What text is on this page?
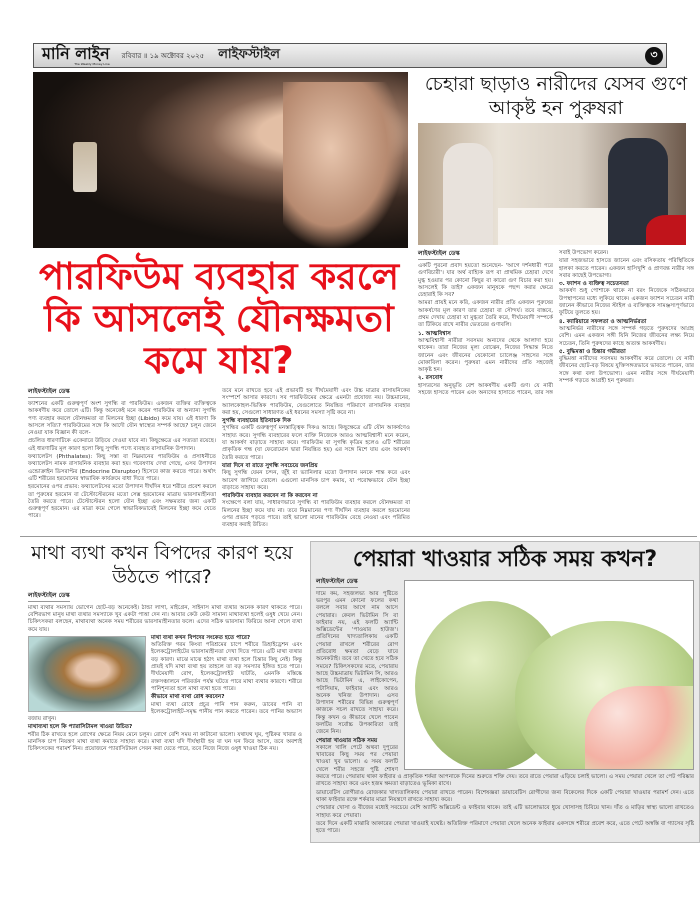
মানি লাইন
The Weekly Money Line
রবিবার ॥ ১৯ অক্টোবর ২০২৫ লাইফস্টাইল	৩
পারফিউম ব্যবহার করলে কি আসলেই যৌনক্ষমতা কমে যায়?
লাইফস্টাইল ডেস্ক

ফ্যাশনের একটি গুরুত্বপূর্ণ অংশ সুগন্ধি বা পারফিউম। একজন ব্যক্তির ব্যক্তিত্বকে আকর্ষণীয় করে তোলে এটি। কিন্তু অনেকেই মনে করেন পারফিউম বা অন্যান্য সুগন্ধি পণ্য ব্যবহার করলে যৌনক্ষমতা বা মিলনের ইচ্ছা (Libido) কমে যায়। এই ধারণা কি আসলে সত্যি? পারফিউমের সঙ্গে কি আদৌ যৌন স্বাস্থ্যের সম্পর্ক আছে? চলুন জেনে নেওয়া যাক বিজ্ঞান কী বলে-

প্রচলিত ধারণাটিকে একেবারে উড়িয়ে দেওয়া যাবে না। কিছুক্ষেত্রে এর সত্যতা রয়েছে। এই ধারণাটির মূল কারণ হলো কিছু সুগন্ধি পণ্যে ব্যবহৃত রাসায়নিক উপাদান।

ফথ্যালেটস (Phthalates): কিছু সস্তা বা নিম্নমানের পারফিউম ও প্রসাধনীতে ফথ্যালেটস নামক রাসায়নিক ব্যবহার করা হয়। গবেষণায় দেখা গেছে, এসব উপাদান এন্ডোক্রাইন ডিসরাপ্টর (Endocrine Disruptor) হিসেবে কাজ করতে পারে। অর্থাৎ এটি শরীরের হরমোনের স্বাভাবিক কার্যক্রমে বাধা দিতে পারে।

হরমোনের ওপর প্রভাব: ফথ্যালেটসের মতো উপাদান দীর্ঘদিন ধরে শরীরে প্রবেশ করলে তা পুরুষের হরমোন বা টেস্টোস্টেরনের মতো সেক্স হরমোনের মাত্রায় ভারসাম্যহীনতা তৈরি করতে পারে। টেস্টোস্টেরন হলো যৌন ইচ্ছা এবং সক্ষমতার জন্য একটি গুরুত্বপূর্ণ হরমোন। এর মাত্রা কমে গেলে স্বাভাবিকভাবেই মিলনের ইচ্ছা কমে যেতে পারে।

তবে মনে রাখতে হবে এই প্রভাবটি হয় দীর্ঘমেয়াদী এবং উচ্চ মাত্রার রাসায়নিকের সংস্পর্শে আসার কারণে। সব পারফিউমের ক্ষেত্রে এমনটা প্রযোজ্য নয়। উচ্চমানের, অ্যালকোহল-ভিত্তিক পারফিউম, যেগুলোতে নিয়ন্ত্রিত পরিমাণে রাসায়নিক ব্যবহার করা হয়, সেগুলো সাধারণত এই ধরনের সমস্যা সৃষ্টি করে না।

সুগন্ধি ব্যবহারের ইতিবাচক দিক

সুগন্ধির একটি গুরুত্বপূর্ণ মনস্তাত্ত্বিক দিকও আছে। কিছুক্ষেত্রে এটি যৌন আকর্ষণেও সাহায্য করে। সুগন্ধি ব্যবহারের ফলে ব্যক্তি নিজেকে আরও আত্মবিশ্বাসী মনে করেন, যা আকর্ষণ বাড়াতে সাহায্য করে। পারফিউম বা সুগন্ধি কৃত্রিম হলেও এটি শরীরের প্রাকৃতিক গন্ধ (যা ফেরোমোন দ্বারা নিয়ন্ত্রিত হয়) এর সঙ্গে মিশে যায় এবং আকর্ষণ তৈরি করতে পারে।

যারা দিনে বা রাতে সুগন্ধি সবচেয়ে জনপ্রিয়

কিছু সুগন্ধি যেমন চন্দন, জুঁই বা ভ্যানিলার মতো উপাদান মনকে শান্ত করে এবং আবেগ জাগিয়ে তোলে। এগুলো মানসিক চাপ কমায়, যা পরোক্ষভাবে যৌন ইচ্ছা বাড়াতে সাহায্য করে।

পারফিউম ব্যবহার করবেন না কি করবেন না

সংক্ষেপে বলা যায়, সাধারণভাবে সুগন্ধি বা পারফিউম ব্যবহার করলে যৌনক্ষমতা বা মিলনের ইচ্ছা কমে যায় না। তবে নিম্নমানের পণ্য দীর্ঘদিন ব্যবহার করলে হরমোনের ওপর প্রভাব পড়তে পারে। তাই ভালো মানের পারফিউম বেছে নেওয়া এবং পরিমিত ব্যবহার করাই উচিত।

চেহারা ছাড়াও নারীদের যেসব গুণে আকৃষ্ট হন পুরুষরা
লাইফস্টাইল ডেস্ক

একটি পুরনো প্রবাদ হয়তো শুনেছেন- 'আগে দর্শনধারী পরে গুণবিচারী'। যার অর্থ বাহ্যিক রূপ বা প্রাথমিক চেহারা দেখে মুগ্ধ হওয়ার পর কোনো কিছুর বা কারো গুণ বিচার করা হয়। আসলেই কি তাই? একজন মানুষকে পছন্দ করার ক্ষেত্রে চেহারাই কি সব?

আমরা প্রায়ই মনে করি, একজন নারীর প্রতি একজন পুরুষের আকর্ষণের মূল কারণ তার চেহারা বা সৌন্দর্য। তবে বাস্তবে, প্রথম দেখায় চেহারা যা মুগ্ধতা তৈরি করে, দীর্ঘমেয়াদী সম্পর্কে তা টিকিয়ে রাখে নারীর ভেতরের গুণাবলি।

১. আত্মবিশ্বাস

আত্মবিশ্বাসী নারীরা সবসময় অন্যদের থেকে আলাদা হয়ে থাকেন। তারা নিজের মূল্য বোঝেন, নিজের সিদ্ধান্ত নিতে জানেন এবং জীবনের যেকোনো চ্যালেঞ্জ সাহসের সঙ্গে মোকাবিলা করেন। পুরুষরা এমন নারীদের প্রতি সহজেই আকৃষ্ট হন।

২. রসবোধ

হাস্যরসের অনুভূতি বেশ আকর্ষণীয় একটি গুণ। যে নারী সহজে হাসতে পারেন এবং অন্যদের হাসাতে পারেন, তার সঙ্গ সবাই উপভোগ করেন।

যারা সহজভাবে হাসতে জানেন এবং রসিকতায় পরিস্থিতিকে হালকা করতে পারেন। একজন হাসিখুশি ও প্রাণবন্ত নারীর সঙ্গ সবার কাছেই উপভোগ্য।

৩. ফ্যাশন ও ব্যক্তিত্ব সচেতনতা

আকর্ষণ শুধু পোশাকে থাকে না বরং নিজেকে সঠিকভাবে উপস্থাপনের মধ্যে লুকিয়ে থাকে। একজন ফ্যাশন সচেতন নারী জানেন কীভাবে নিজের স্টাইল ও ব্যক্তিত্বকে সামঞ্জস্যপূর্ণভাবে ফুটিয়ে তুলতে হয়।

৪. ক্যারিয়ারে সফলতা ও আত্মনির্ভরতা

আত্মনির্ভর নারীদের সঙ্গে সম্পর্ক গড়তে পুরুষদের আগ্রহ বেশি। এমন একজন সঙ্গী যিনি নিজের জীবনের লক্ষ্য নিয়ে সচেতন, তিনি পুরুষদের কাছে অত্যন্ত আকর্ষণীয়।

৫. বুদ্ধিমত্তা ও চিন্তার গভীরতা

বুদ্ধিমত্তা নারীদের সবসময় আকর্ষণীয় করে তোলে। যে নারী জীবনের ছোট-বড় বিষয়ে যুক্তিসঙ্গতভাবে ভাবতে পারেন, তার সঙ্গে কথা বলা উপভোগ্য। এমন নারীর সঙ্গে দীর্ঘমেয়াদী সম্পর্ক গড়তে আগ্রহী হন পুরুষরা।

মাথা ব্যথা কখন বিপদের কারণ হয়ে উঠতে পারে?
লাইফস্টাইল ডেস্ক

মাথা ব্যথার সমস্যায় ভোগেন ছোট-বড় অনেকেই। ঠান্ডা লাগা, মাইগ্রেন, সাইনাস মাথা ব্যথার অনেক কারণ থাকতে পারে। বেশিরভাগ মানুষ মাথা ব্যথার সমস্যাকে খুব একটা পাত্তা দেন না। আবার কেউ কেউ সামান্য মাথাব্যথা হলেই ওষুধ খেয়ে নেন। চিকিৎসকরা বলছেন, মাথাব্যথা অনেক সময় শরীরের ভারসাম্যহীনতার ফলে। এদের সঠিক ভারসাম্য ফিরিয়ে আনা গেলে ব্যথা কমে যায়।

মাথা ব্যথা কখন বিপদের সংকেত হতে পারে?

অতিরিক্ত গরম কিংবা পরিশ্রমের চাপে শরীরে ডিহাইড্রেশন এবং ইলেকট্রোলাইটের ভারসাম্যহীনতা দেখা দিতে পারে। এটি মাথা ব্যথার বড় কারণ। মাঝে মাঝে হঠাৎ মাথা ব্যথা হলে চিন্তার কিছু নেই। কিন্তু প্রায়ই যদি মাথা ব্যথা হয় তাহলে তা বড় সমস্যার ইঙ্গিত হতে পারে। দীর্ঘমেয়াদী রোগ, ইলেকট্রোলাইট ঘাটতি, এমনকি মস্তিষ্কে রক্তসঞ্চালনে পরিবর্তন পর্যন্ত ঘটতে পারে মাথা ব্যথার কারণে। শরীরে পানিশূন্যতা হলে মাথা ব্যথা হতে পারে।

কীভাবে মাথা ব্যথা রোধ করবেন?

মাথা ব্যথা রোধে প্রচুর পানি পান করুন, ডাবের পানি বা ইলেকট্রোলাইট-সমৃদ্ধ পানীয় পান করতে পারেন। তবে পানির অভ্যাস বজায় রাখুন।

মাথাব্যথা হলে কি প্যারাসিটামল খাওয়া উচিত?

শরীর ঠিক রাখতে হলে রোগের ক্ষেত্রে নিয়ম মেনে চলুন। রোগে বেশি সময় না কাটানো ভালো। যথাযথ ঘুম, পুষ্টিকর খাবার ও মানসিক চাপ নিয়ন্ত্রণ মাথা ব্যথা কমাতে সাহায্য করে। মাথা ব্যথা যদি দীর্ঘস্থায়ী হয় বা ঘন ঘন ফিরে আসে, তবে অবশ্যই চিকিৎসকের পরামর্শ নিন। প্রয়োজনে প্যারাসিটামল সেবন করা যেতে পারে, তবে নিজে নিজে ওষুধ খাওয়া ঠিক নয়।

পেয়ারা খাওয়ার সঠিক সময় কখন?
লাইফস্টাইল ডেস্ক

দামে কম, সহজলভ্য আর পুষ্টিতে ভরপুর এমন কোনো ফলের কথা বললে সবার আগে নাম আসে পেয়ারার। কেবল ভিটামিন সি বা ফাইবার নয়, এই ফলটি অ্যান্টি অক্সিডেন্টের 'পাওয়ার হাউজ'। প্রতিদিনের খাদ্যতালিকায় একটি পেয়ারা রাখলে শরীরের রোগ প্রতিরোধ ক্ষমতা বেড়ে যাবে অনেকটাই। তবে তা খেতে হবে সঠিক সময়ে? চিকিৎসকদের মতে, পেয়ারায় আছে উচ্চমাত্রায় ভিটামিন সি, আরও আছে ভিটামিন এ, লাইকোপেন, পটাসিয়াম, ফাইবার এবং আরও অনেক খনিজ উপাদান। এসব উপাদান শরীরের বিভিন্ন গুরুত্বপূর্ণ কাজকে সচল রাখতে সাহায্য করে। কিন্তু কখন ও কীভাবে খেলে পাবেন ফলটির সর্বোচ্চ উপকারিতা তাই জেনে নিন।

পেয়ারা খাওয়ার সঠিক সময়

সকালে খালি পেটে অথবা দুপুরের খাবারের কিছু সময় পর পেয়ারা খাওয়া খুব ভালো। এ সময় ফলটি খেলে শরীর সহজে পুষ্টি শোষণ করতে পারে। পেয়ারায় থাকা ফাইবার ও প্রাকৃতিক শর্করা আপনাকে দিনের শুরুতে শক্তি দেয়। তবে রাতে পেয়ারা এড়িয়ে চলাই ভালো। এ সময় পেয়ারা খেলে তা পেট পরিষ্কার রাখতে সাহায্য করে এবং হজম ক্ষমতা বাড়াতেও ভূমিকা রাখে।

ডায়াবেটিস রোগীরাও রোজকার খাদ্যতালিকায় পেয়ারা রাখতে পারেন। বিশেষজ্ঞরা ডায়াবেটিস রোগীদের জন্য বিকেলের দিকে একটি পেয়ারা খাওয়ার পরামর্শ দেন। এতে থাকা ফাইবার রক্তে শর্করার মাত্রা নিয়ন্ত্রণে রাখতে সাহায্য করে।

পেয়ারার খোসা ও বীজের মধ্যেই সবচেয়ে বেশি অ্যান্টি অক্সিডেন্ট ও ফাইবার থাকে। তাই এটি ভালোভাবে ধুয়ে খোসাসহ চিবিয়ে খান। দাঁত ও মাড়ির স্বাস্থ্য ভালো রাখতেও সাহায্য করে পেয়ারা।

তবে দিনে একটি মাঝারি আকারের পেয়ারা খাওয়াই যথেষ্ট। অতিরিক্ত পরিমাণে পেয়ারা খেলে অনেক ফাইবার একসঙ্গে শরীরে প্রবেশ করে, এতে পেটে অস্বস্তি বা গ্যাসের সৃষ্টি হতে পারে।
